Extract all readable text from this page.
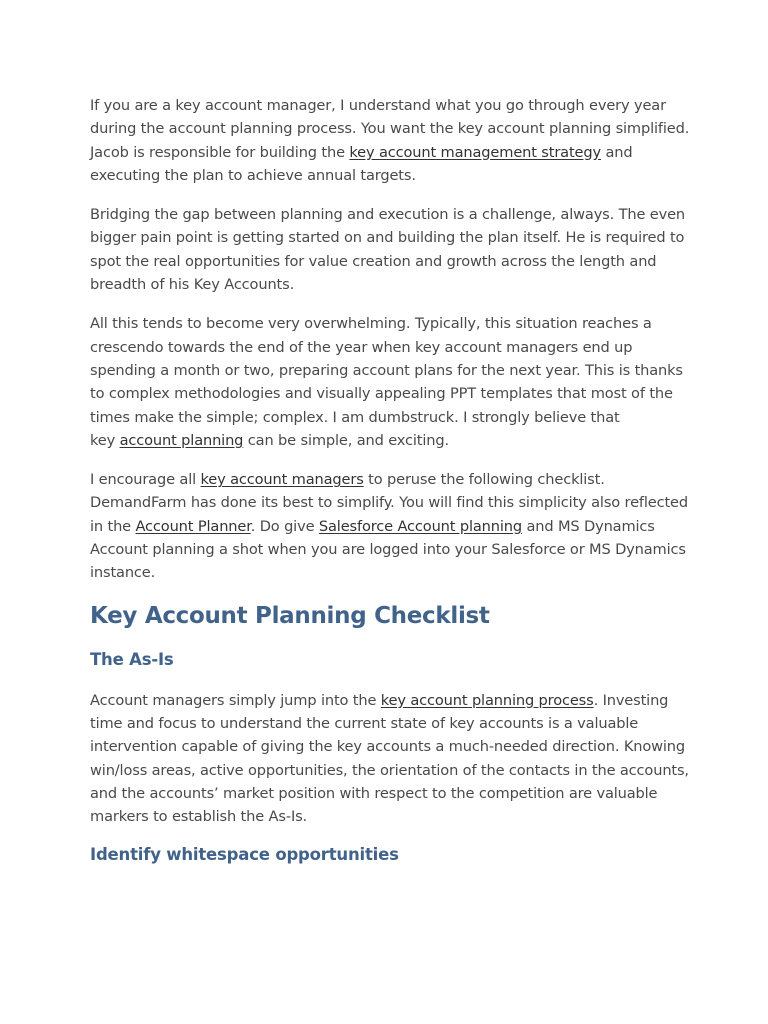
If you are a key account manager, I understand what you go through every year during the account planning process. You want the key account planning simplified. Jacob is responsible for building the key account management strategy and executing the plan to achieve annual targets.

Bridging the gap between planning and execution is a challenge, always. The even bigger pain point is getting started on and building the plan itself. He is required to spot the real opportunities for value creation and growth across the length and breadth of his Key Accounts.

All this tends to become very overwhelming. Typically, this situation reaches a crescendo towards the end of the year when key account managers end up spending a month or two, preparing account plans for the next year. This is thanks to complex methodologies and visually appealing PPT templates that most of the times make the simple; complex. I am dumbstruck. I strongly believe that key account planning can be simple, and exciting.

I encourage all key account managers to peruse the following checklist. DemandFarm has done its best to simplify. You will find this simplicity also reflected in the Account Planner. Do give Salesforce Account planning and MS Dynamics Account planning a shot when you are logged into your Salesforce or MS Dynamics instance.

Key Account Planning Checklist
The As-Is

Account managers simply jump into the key account planning process. Investing time and focus to understand the current state of key accounts is a valuable intervention capable of giving the key accounts a much-needed direction. Knowing win/loss areas, active opportunities, the orientation of the contacts in the accounts, and the accounts’ market position with respect to the competition are valuable markers to establish the As-Is.

Identify whitespace opportunities
